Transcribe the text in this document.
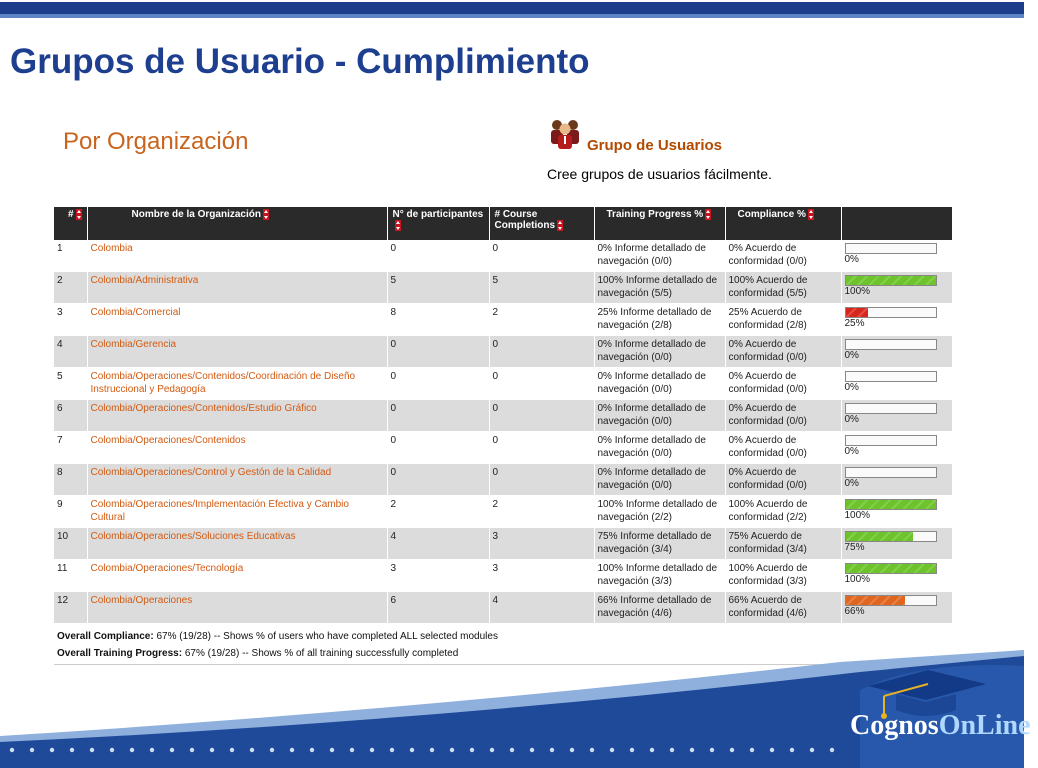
Grupos de Usuario - Cumplimiento
Por Organización	Grupo de Usuarios
Cree grupos de usuarios fácilmente.
#	Nombre de la Organización	N° de participantes	# Course Completions	Training Progress %	Compliance %	
1	Colombia	0	0	0% Informe detallado de navegación (0/0)	0% Acuerdo de conformidad (0/0)	0%

2	Colombia/Administrativa	5	5	100% Informe detallado de navegación (5/5)	100% Acuerdo de conformidad (5/5)	100%

3	Colombia/Comercial	8	2	25% Informe detallado de navegación (2/8)	25% Acuerdo de conformidad (2/8)	25%

4	Colombia/Gerencia	0	0	0% Informe detallado de navegación (0/0)	0% Acuerdo de conformidad (0/0)	0%

5	Colombia/Operaciones/Contenidos/Coordinación de Diseño Instruccional y Pedagogía	0	0	0% Informe detallado de navegación (0/0)	0% Acuerdo de conformidad (0/0)	0%

6	Colombia/Operaciones/Contenidos/Estudio Gráfico	0	0	0% Informe detallado de navegación (0/0)	0% Acuerdo de conformidad (0/0)	0%

7	Colombia/Operaciones/Contenidos	0	0	0% Informe detallado de navegación (0/0)	0% Acuerdo de conformidad (0/0)	0%

8	Colombia/Operaciones/Control y Gestón de la Calidad	0	0	0% Informe detallado de navegación (0/0)	0% Acuerdo de conformidad (0/0)	0%

9	Colombia/Operaciones/Implementación Efectiva y Cambio Cultural	2	2	100% Informe detallado de navegación (2/2)	100% Acuerdo de conformidad (2/2)	100%

10	Colombia/Operaciones/Soluciones Educativas	4	3	75% Informe detallado de navegación (3/4)	75% Acuerdo de conformidad (3/4)	75%

11	Colombia/Operaciones/Tecnología	3	3	100% Informe detallado de navegación (3/3)	100% Acuerdo de conformidad (3/3)	100%

12	Colombia/Operaciones	6	4	66% Informe detallado de navegación (4/6)	66% Acuerdo de conformidad (4/6)	66%
Overall Compliance: 67% (19/28) -- Shows % of users who have completed ALL selected modules
Overall Training Progress: 67% (19/28) -- Shows % of all training successfully completed
CognosOnLine®
